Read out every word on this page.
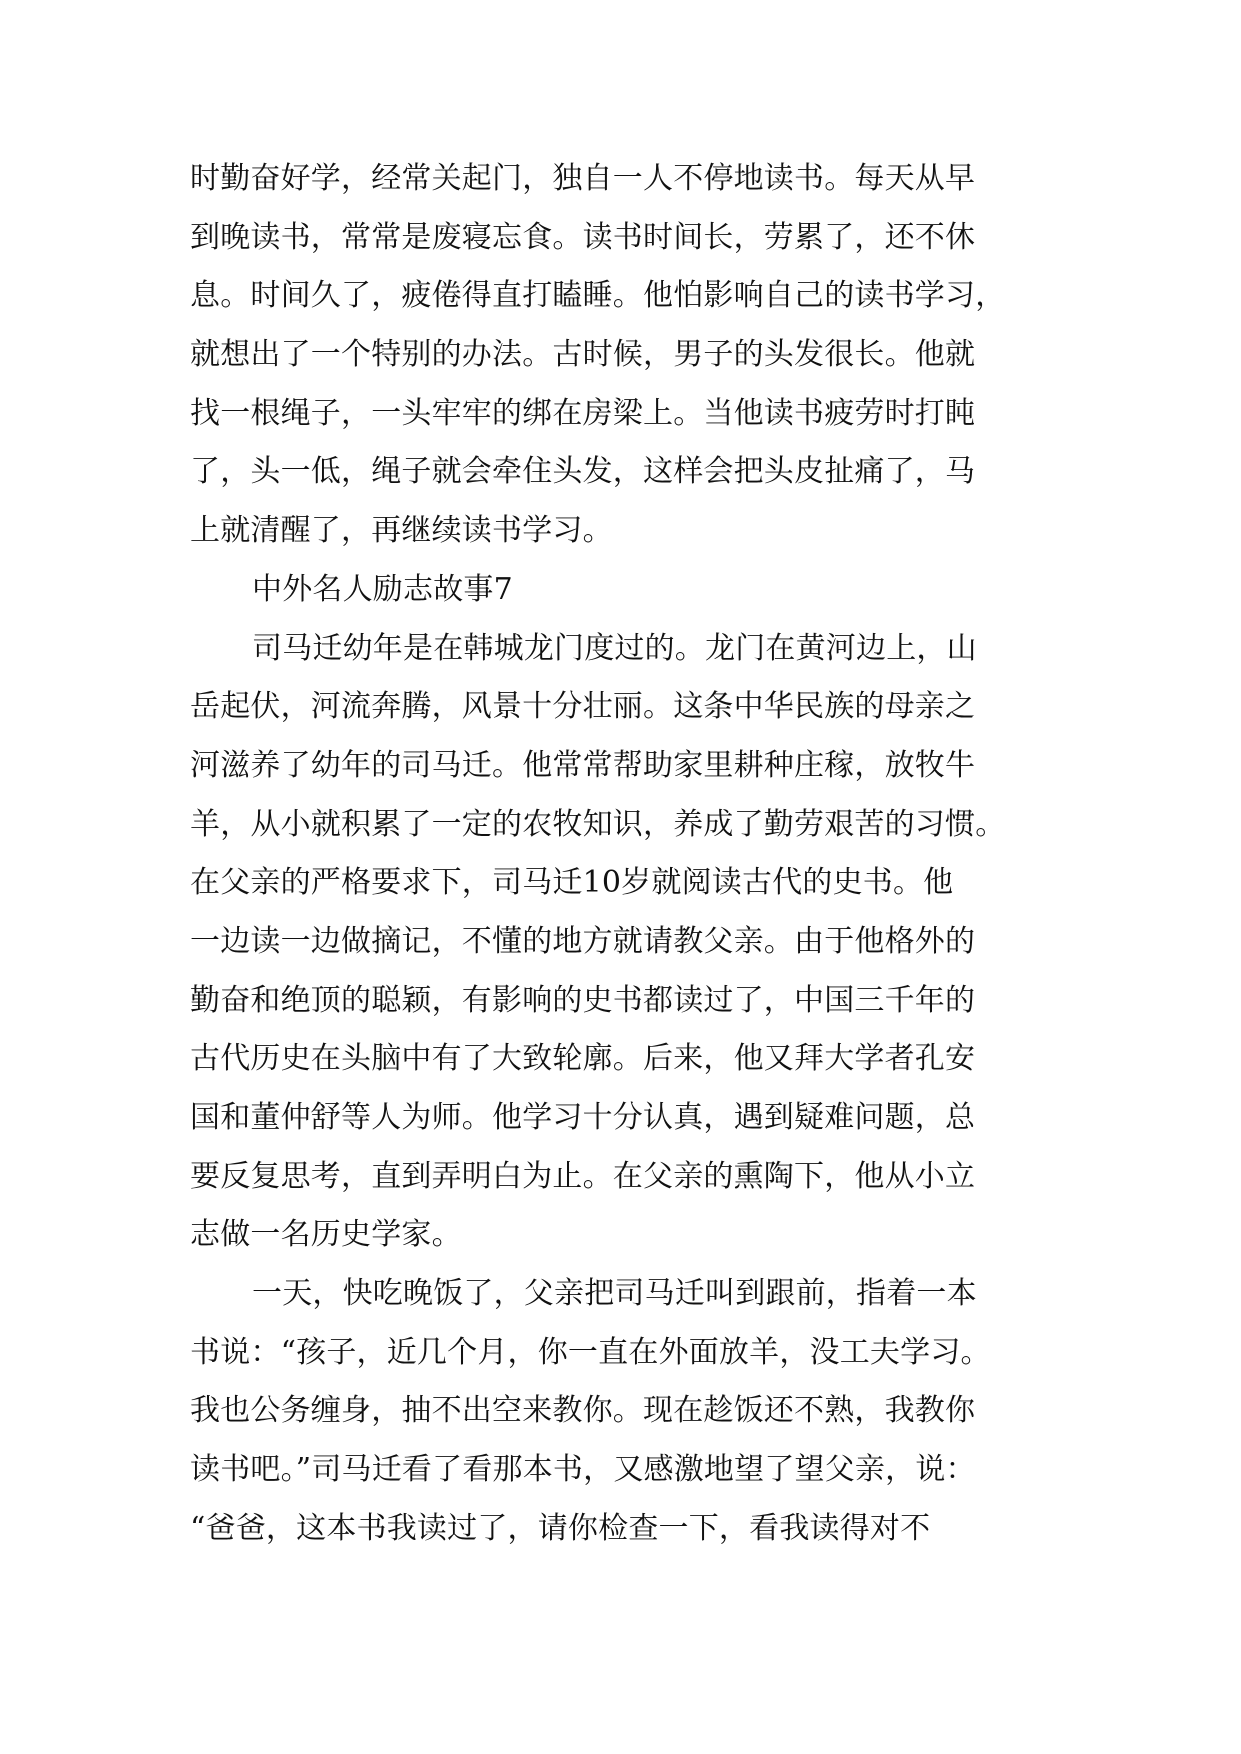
时勤奋好学，经常关起门，独自一人不停地读书。每天从早
到晚读书，常常是废寝忘食。读书时间长，劳累了，还不休
息。时间久了，疲倦得直打瞌睡。他怕影响自己的读书学习，
就想出了一个特别的办法。古时候，男子的头发很长。他就
找一根绳子，一头牢牢的绑在房梁上。当他读书疲劳时打盹
了，头一低，绳子就会牵住头发，这样会把头皮扯痛了，马
上就清醒了，再继续读书学习。
中外名人励志故事7
司马迁幼年是在韩城龙门度过的。龙门在黄河边上，山
岳起伏，河流奔腾，风景十分壮丽。这条中华民族的母亲之
河滋养了幼年的司马迁。他常常帮助家里耕种庄稼，放牧牛
羊，从小就积累了一定的农牧知识，养成了勤劳艰苦的习惯。
在父亲的严格要求下，司马迁10岁就阅读古代的史书。他
一边读一边做摘记，不懂的地方就请教父亲。由于他格外的
勤奋和绝顶的聪颖，有影响的史书都读过了，中国三千年的
古代历史在头脑中有了大致轮廓。后来，他又拜大学者孔安
国和董仲舒等人为师。他学习十分认真，遇到疑难问题，总
要反复思考，直到弄明白为止。在父亲的熏陶下，他从小立
志做一名历史学家。
一天，快吃晚饭了，父亲把司马迁叫到跟前，指着一本
书说：“孩子，近几个月，你一直在外面放羊，没工夫学习。
我也公务缠身，抽不出空来教你。现在趁饭还不熟，我教你
读书吧。”司马迁看了看那本书，又感激地望了望父亲，说：
“爸爸，这本书我读过了，请你检查一下，看我读得对不
